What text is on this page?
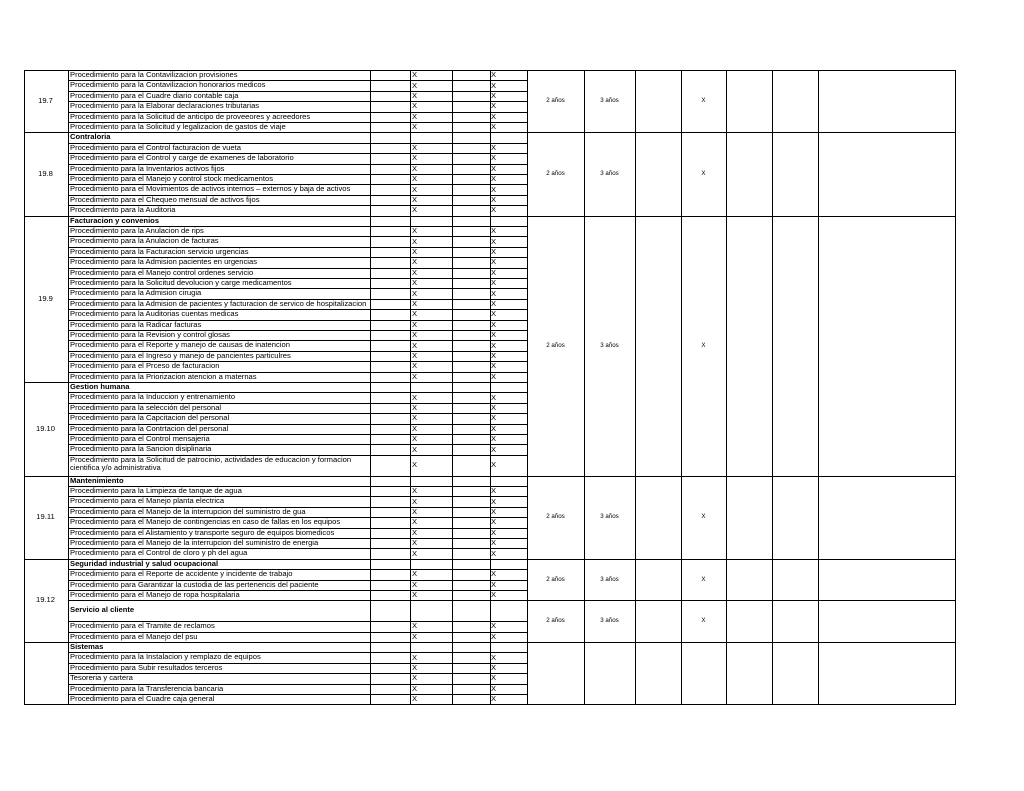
19.7
Procedimiento para la Contavilizacion provisiones	X	X
Procedimiento para la Contavilizacion honorarios medicos	X	X
Procedimiento para el Cuadre diario contable caja	X	X
Procedimiento para la Elaborar declaraciones tributarias	X	X
Procedimiento para la Solicitud de anticipo de proveeores y acreedores	X	X
Procedimiento para la Solicitud y legalizacion de gastos de viaje	X	X
2 años	3 años	X
19.8
Contraloria
Procedimiento para el Control facturacion de vueta	X	X
Procedimiento para el Control y carge de examenes de laboratorio	X	X
Procedimiento para la Inventarios activos fijos	X	X
Procedimiento para el Manejo y control stock medicamentos	X	X
Procedimiento para el Movimientos de activos internos – externos y baja de activos	X	X
Procedimiento para el Chequeo mensual de activos fijos	X	X
Procedimiento para la Auditoria	X	X
2 años	3 años	X
19.9
Facturacion y convenios
Procedimiento para la Anulacion de rips	X	X
Procedimiento para la Anulacion de facturas	X	X
Procedimiento para la Facturacion servicio urgencias	X	X
Procedimiento para la Admision pacientes en urgencias	X	X
Procedimiento para el Manejo control ordenes servicio	X	X
Procedimiento para la Solicitud devolucion y carge medicamentos	X	X
Procedimiento para la Admision cirugia	X	X
Procedimiento para la Admision de pacientes y facturacion de servico de hospitalizacion	X	X
Procedimiento para la Auditorias cuentas medicas	X	X
Procedimiento para la Radicar facturas	X	X
Procedimiento para la Revision y control glosas	X	X
Procedimiento para el Reporte y manejo de causas de inatencion	X	X
Procedimiento para el Ingreso y manejo de pancientes particulres	X	X
Procedimiento para el Prceso de facturacion	X	X
Procedimiento para la Priorizacion atencion a maternas	X	X
19.10
Gestion humana
Procedimiento para la Induccion y entrenamiento	X	X
Procedimiento para la selección del personal	X	X
Procedimiento para la Capcitacion del personal	X	X
Procedimiento para la Contrtacion del personal	X	X
Procedimiento para el Control mensajeria	X	X
Procedimiento para la Sancion disiplinaria	X	X
Procedimiento para la Solicitud de patrocinio, actividades de educacion y formacion cientifica y/o administrativa	X	X
2 años	3 años	X
19.11
Mantenimiento
Procedimiento para la Limpieza de tanque de agua	X	X
Procedimiento para el Manejo planta electrica	X	X
Procedimiento para el Manejo de la interrupcion del suministro de gua	X	X
Procedimiento para el Manejo de contingencias en caso de fallas en los equipos	X	X
Procedimiento para el Alistamiento y transporte seguro de equipos biomedicos	X	X
Procedimiento para el Manejo de la interrupcion del suministro de energia	X	X
Procedimiento para el Control de cloro y ph del agua	X	X
2 años	3 años	X
19.12
Seguridad industrial y salud ocupacional
Procedimiento para el Reporte de accidente y incidente de trabajo	X	X
Procedimiento para Garantizar la custodia de las pertenencis del paciente	X	X
Procedimiento para el Manejo de ropa hospitalaria	X	X
Servicio al cliente
Procedimiento para el Tramite de reclamos	X	X
Procedimiento para el Manejo del psu	X	X
2 años	3 años	X
2 años	3 años	X
Sistemas
Procedimiento para la Instalacion y remplazo de equipos	X	X
Procedimiento para Subir resultados terceros	X	X
Tesoreria y cartera	X	X
Procedimiento para la Transferencia bancaria	X	X
Procedimiento para el Cuadre caja general	X	X
